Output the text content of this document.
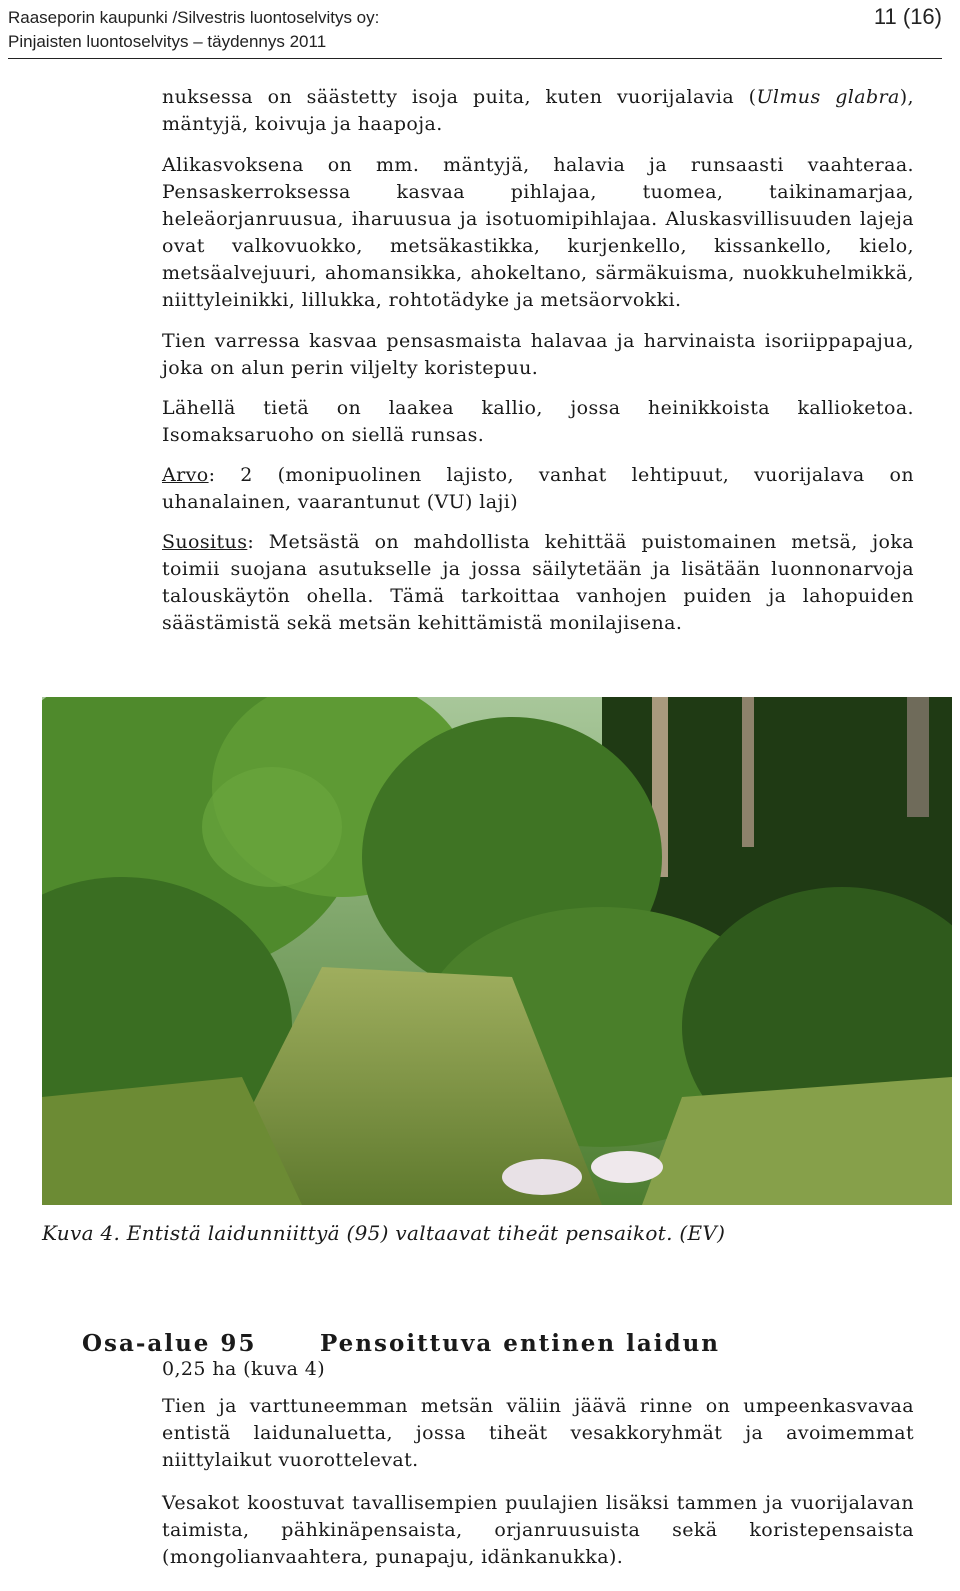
Raaseporin kaupunki /Silvestris luontoselvitys oy:
Pinjaisten luontoselvitys – täydennys 2011
11 (16)

nuksessa on säästetty isoja puita, kuten vuorijalavia (Ulmus glabra), mäntyjä, koivuja ja haapoja.

Alikasvoksena on mm. mäntyjä, halavia ja runsaasti vaahteraa. Pensaskerroksessa kasvaa pihlajaa, tuomea, taikinamarjaa, heleäorjanruusua, iharuusua ja isotuomipihlajaa. Aluskasvillisuuden lajeja ovat valkovuokko, metsäkastikka, kurjenkello, kissankello, kielo, metsäalvejuuri, ahomansikka, ahokeltano, särmäkuisma, nuokkuhelmikkä, niittyleinikki, lillukka, rohtotädyke ja metsäorvokki.

Tien varressa kasvaa pensasmaista halavaa ja harvinaista isoriippapajua, joka on alun perin viljelty koristepuu.

Lähellä tietä on laakea kallio, jossa heinikkoista kallioketoa. Isomaksaruoho on siellä runsas.

Arvo: 2 (monipuolinen lajisto, vanhat lehtipuut, vuorijalava on uhanalainen, vaarantunut (VU) laji)

Suositus: Metsästä on mahdollista kehittää puistomainen metsä, joka toimii suojana asutukselle ja jossa säilytetään ja lisätään luonnonarvoja talouskäytön ohella. Tämä tarkoittaa vanhojen puiden ja lahopuiden säästämistä sekä metsän kehittämistä monilajisena.

Kuva 4. Entistä laidunniittyä (95) valtaavat tiheät pensaikot. (EV)
Osa-alue 95	Pensoittuva entinen laidun

0,25 ha (kuva 4)

Tien ja varttuneemman metsän väliin jäävä rinne on umpeenkasvavaa entistä laidunaluetta, jossa tiheät vesakkoryhmät ja avoimemmat niittylaikut vuorottelevat.

Vesakot koostuvat tavallisempien puulajien lisäksi tammen ja vuorijalavan taimista, pähkinäpensaista, orjanruusuista sekä koristepensaista (mongolianvaahtera, punapaju, idänkanukka).
